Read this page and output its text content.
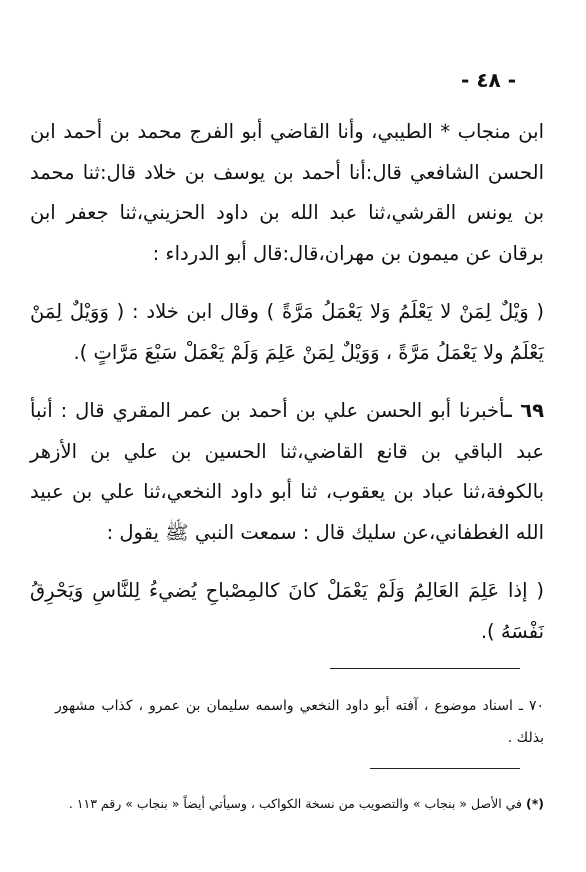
- ٤٨ -

ابن منجاب * الطيبي، وأنا القاضي أبو الفرج محمد بن أحمد ابن الحسن الشافعي قال:أنا أحمد بن يوسف بن خلاد قال:ثنا محمد بن يونس القرشي،ثنا عبد الله بن داود الحزيني،ثنا جعفر ابن برقان عن ميمون بن مهران،قال:قال أبو الدرداء :

( وَيْلٌ لِمَنْ لا يَعْلَمُ وَلا يَعْمَلُ مَرَّةً ) وقال ابن خلاد : ( وَوَيْلٌ لِمَنْ يَعْلَمُ ولا يَعْمَلُ مَرَّةً ، وَوَيْلٌ لِمَنْ عَلِمَ وَلَمْ يَعْمَلْ سَبْعَ مَرَّاتٍ ).

٦٩ ـأخبرنا أبو الحسن علي بن أحمد بن عمر المقري قال : أنبأ عبد الباقي بن قانع القاضي،ثنا الحسين بن علي بن الأزهر بالكوفة،ثنا عباد بن يعقوب، ثنا أبو داود النخعي،ثنا علي بن عبيد الله الغطفاني،عن سليك قال : سمعت النبي ﷺ يقول :

( إذا عَلِمَ العَالِمُ وَلَمْ يَعْمَلْ كانَ كالمِصْباحِ يُضيءُ لِلنَّاسِ وَيَحْرِقُ نَفْسَهُ ).

٧٠ ـ اسناد موضوع ، آفته أبو داود النخعي واسمه سليمان بن عمرو ، كذاب مشهور بذلك .
(*) في الأصل « بنجاب » والتصويب من نسخة الكواكب ، وسيأتي أيضاً « بنجاب » رقم ١١٣ .
